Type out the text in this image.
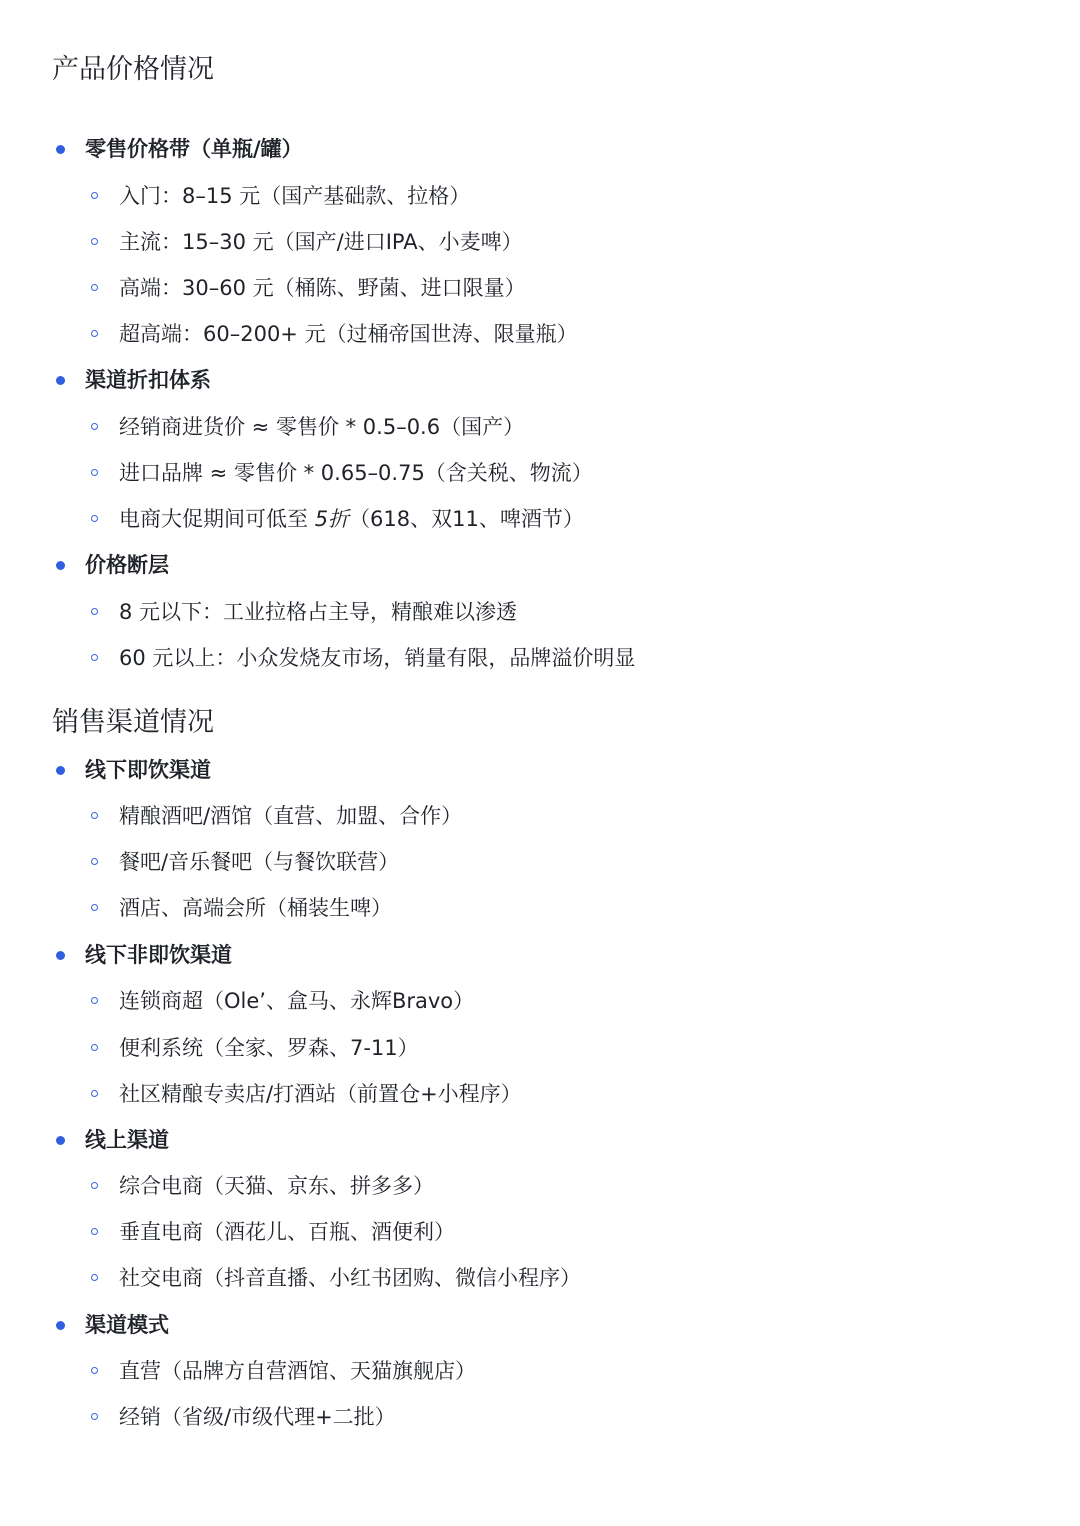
产品价格情况
零售价格带（单瓶/罐）
入门：8–15 元（国产基础款、拉格）
主流：15–30 元（国产/进口IPA、小麦啤）
高端：30–60 元（桶陈、野菌、进口限量）
超高端：60–200+ 元（过桶帝国世涛、限量瓶）
渠道折扣体系
经销商进货价 ≈ 零售价 * 0.5–0.6（国产）
进口品牌 ≈ 零售价 * 0.65–0.75（含关税、物流）
电商大促期间可低至 5折（618、双11、啤酒节）
价格断层
8 元以下：工业拉格占主导，精酿难以渗透
60 元以上：小众发烧友市场，销量有限，品牌溢价明显
销售渠道情况
线下即饮渠道
精酿酒吧/酒馆（直营、加盟、合作）
餐吧/音乐餐吧（与餐饮联营）
酒店、高端会所（桶装生啤）
线下非即饮渠道
连锁商超（Ole’、盒马、永辉Bravo）
便利系统（全家、罗森、7-11）
社区精酿专卖店/打酒站（前置仓+小程序）
线上渠道
综合电商（天猫、京东、拼多多）
垂直电商（酒花儿、百瓶、酒便利）
社交电商（抖音直播、小红书团购、微信小程序）
渠道模式
直营（品牌方自营酒馆、天猫旗舰店）
经销（省级/市级代理+二批）
